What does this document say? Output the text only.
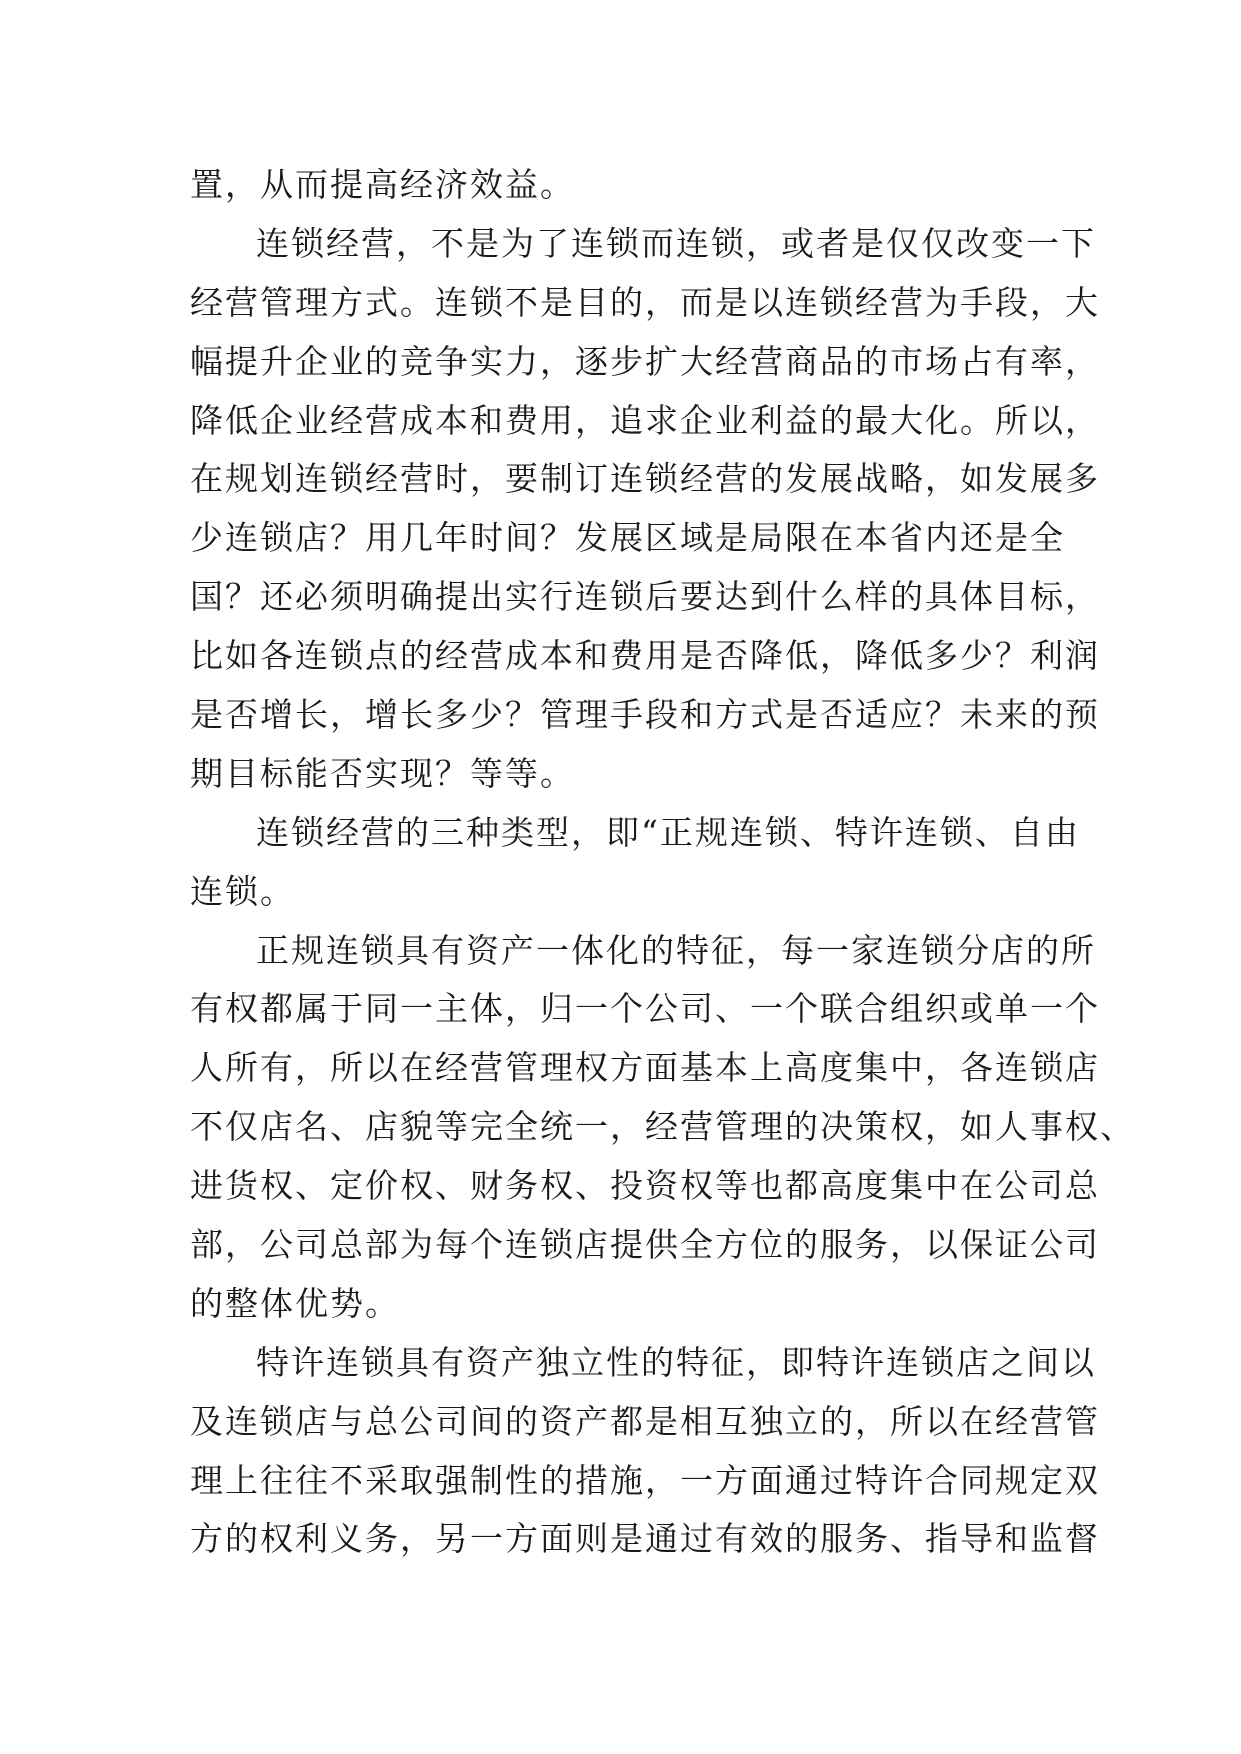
置，从而提高经济效益。
连锁经营，不是为了连锁而连锁，或者是仅仅改变一下
经营管理方式。连锁不是目的，而是以连锁经营为手段，大
幅提升企业的竞争实力，逐步扩大经营商品的市场占有率，
降低企业经营成本和费用，追求企业利益的最大化。所以，
在规划连锁经营时，要制订连锁经营的发展战略，如发展多
少连锁店？用几年时间？发展区域是局限在本省内还是全
国？还必须明确提出实行连锁后要达到什么样的具体目标，
比如各连锁点的经营成本和费用是否降低，降低多少？利润
是否增长，增长多少？管理手段和方式是否适应？未来的预
期目标能否实现？等等。
连锁经营的三种类型，即“正规连锁、特许连锁、自由
连锁。
正规连锁具有资产一体化的特征，每一家连锁分店的所
有权都属于同一主体，归一个公司、一个联合组织或单一个
人所有，所以在经营管理权方面基本上高度集中，各连锁店
不仅店名、店貌等完全统一，经营管理的决策权，如人事权、
进货权、定价权、财务权、投资权等也都高度集中在公司总
部，公司总部为每个连锁店提供全方位的服务，以保证公司
的整体优势。
特许连锁具有资产独立性的特征，即特许连锁店之间以
及连锁店与总公司间的资产都是相互独立的，所以在经营管
理上往往不采取强制性的措施，一方面通过特许合同规定双
方的权利义务，另一方面则是通过有效的服务、指导和监督
